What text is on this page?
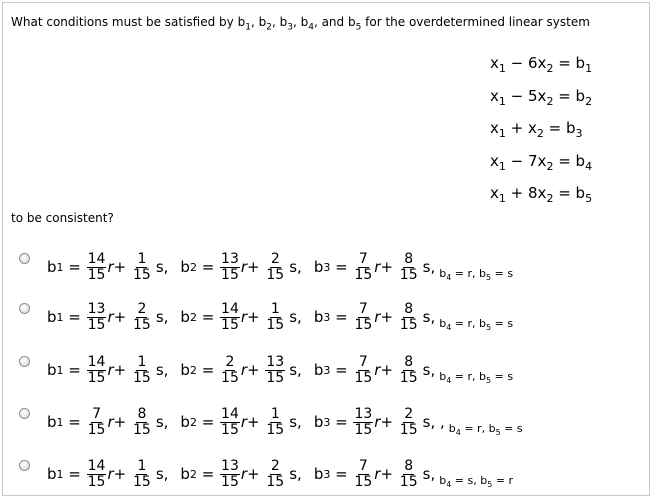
What conditions must be satisfied by $b_1$, $b_2$, $b_3$, $b_4$, and $b_5$ for the overdetermined linear system
$x_1 - 6x_2 = b_1$
$x_1 - 5x_2 = b_2$
$x_1 + x_2 = b_3$
$x_1 - 7x_2 = b_4$
$x_1 + 8x_2 = b_5$
to be consistent?
b $1 = \frac{14}{15}$ $r + \frac{1}{15} s$, b $2 = \frac{13}{15}$ $r + \frac{2}{15} s$, b $3 = \frac{7}{15}$ $r + \frac{8}{15} s$, $b_4 = r$, $b_5 = s$
b $1 = \frac{13}{15}$ $r + \frac{2}{15} s$, b $2 = \frac{14}{15}$ $r + \frac{1}{15} s$, b $3 = \frac{7}{15}$ $r + \frac{8}{15} s$, $b_4 = r$, $b_5 = s$
b $1 = \frac{14}{15}$ $r + \frac{1}{15} s$, b $2 = \frac{2}{15}$ $r + \frac{13}{15} s$, b $3 = \frac{7}{15}$ $r + \frac{8}{15} s$, $b_4 = r$, $b_5 = s$
b $1 = \frac{7}{15}$ $r + \frac{8}{15} s$, b $2 = \frac{14}{15}$ $r + \frac{1}{15} s$, b $3 = \frac{13}{15}$ $r + \frac{2}{15} s$, , $b_4 = r$, $b_5 = s$
b $1 = \frac{14}{15}$ $r + \frac{1}{15} s$, b $2 = \frac{13}{15}$ $r + \frac{2}{15} s$, b $3 = \frac{7}{15}$ $r + \frac{8}{15} s$, $b_4 = s$, $b_5 = r$
